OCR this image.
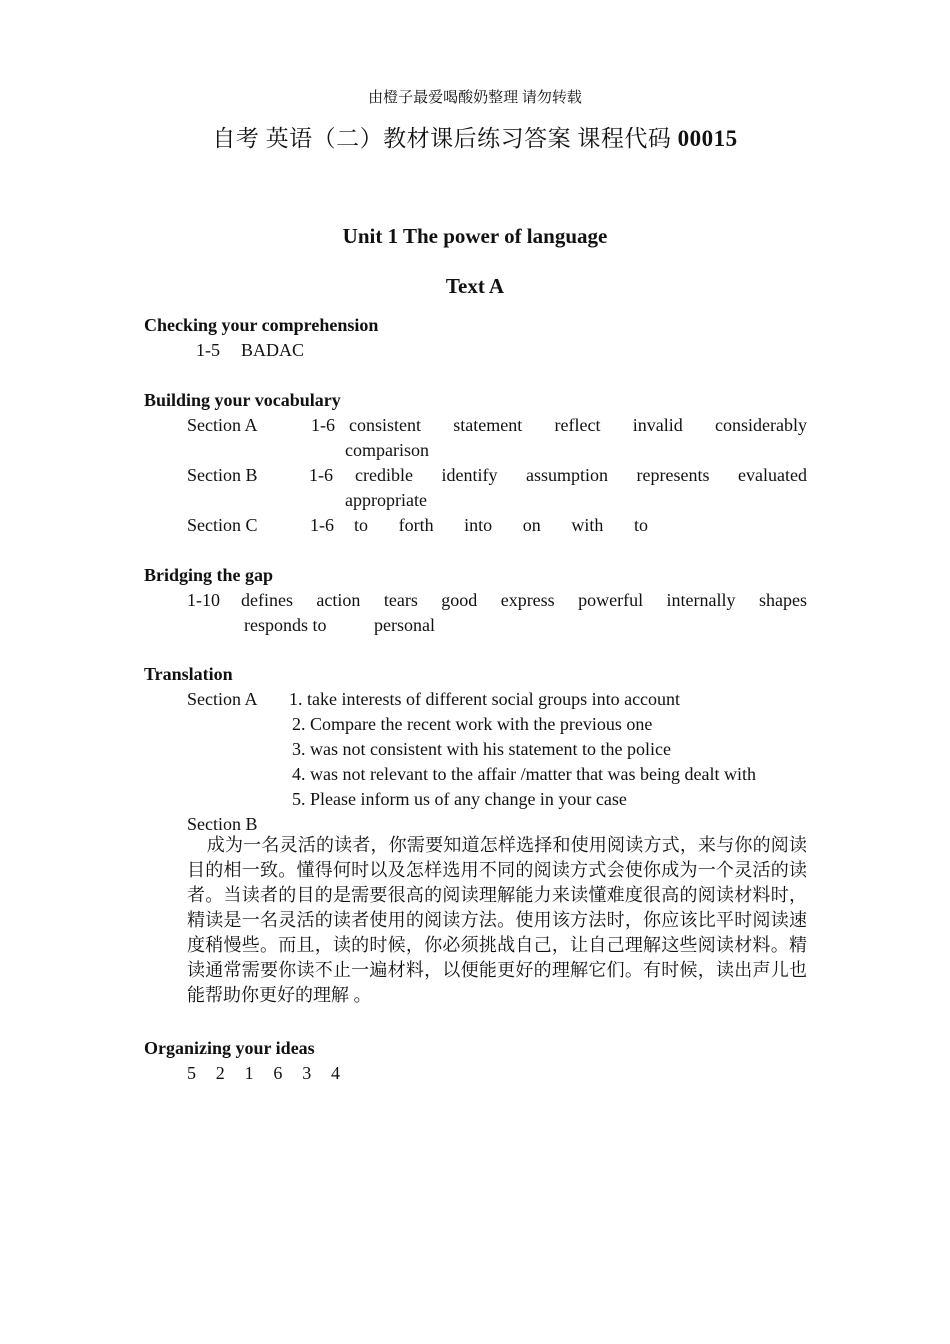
由橙子最爱喝酸奶整理 请勿转载
自考 英语（二）教材课后练习答案 课程代码 00015
Unit 1 The power of language
Text A
Checking your comprehension
1-5 BADAC
Building your vocabulary
Section A	1-6 consistent statement reflect invalid considerably
comparison
Section B	1-6 credible identify assumption represents evaluated
appropriate
Section C	1-6 to forth into on with to
Bridging the gap
1-10 defines action tears good express powerful internally shapes
responds to	personal
Translation
Section A 1. take interests of different social groups into account
2. Compare the recent work with the previous one
3. was not consistent with his statement to the police
4. was not relevant to the affair /matter that was being dealt with
5. Please inform us of any change in your case
Section B
成为一名灵活的读者，你需要知道怎样选择和使用阅读方式，来与你的阅读目的相一致。懂得何时以及怎样选用不同的阅读方式会使你成为一个灵活的读者。当读者的目的是需要很高的阅读理解能力来读懂难度很高的阅读材料时，精读是一名灵活的读者使用的阅读方法。使用该方法时，你应该比平时阅读速度稍慢些。而且，读的时候，你必须挑战自己，让自己理解这些阅读材料。精读通常需要你读不止一遍材料，以便能更好的理解它们。有时候，读出声儿也能帮助你更好的理解 。
Organizing your ideas
5 2 1 6 3 4
